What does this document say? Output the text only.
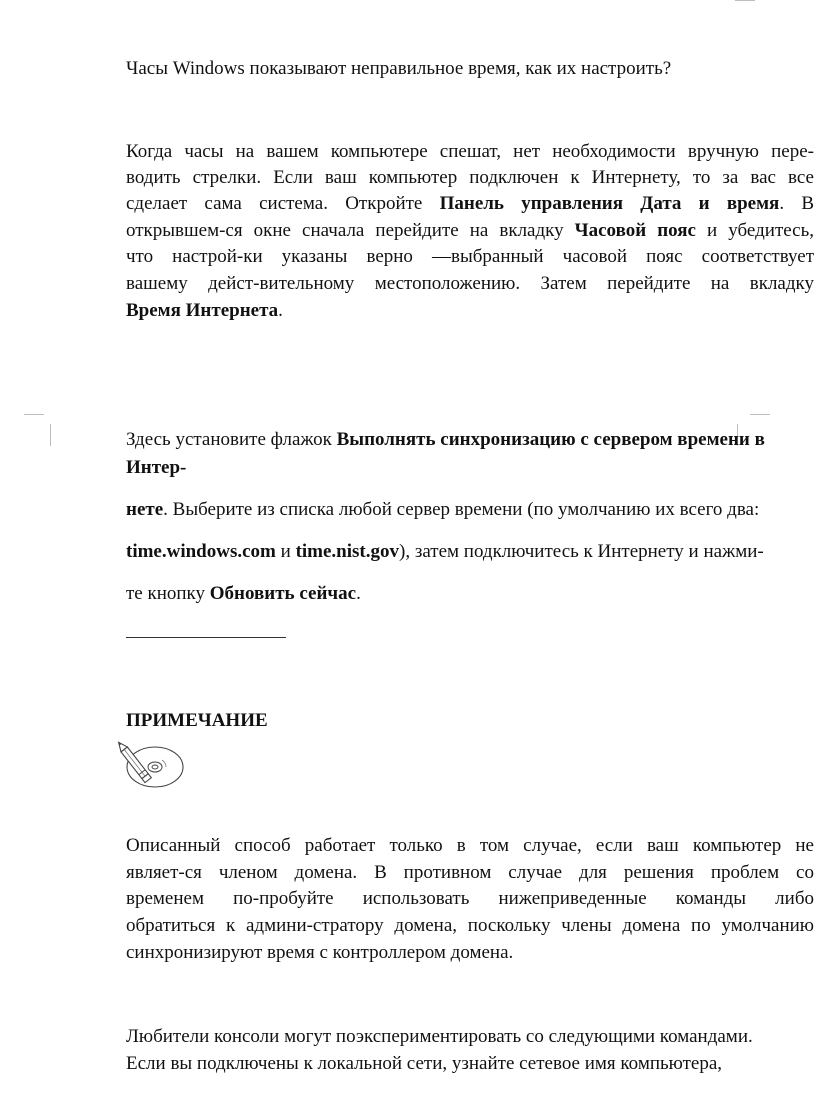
Часы Windows показывают неправильное время, как их настроить?
Когда часы на вашем компьютере спешат, нет необходимости вручную пере-
водить стрелки. Если ваш компьютер подключен к Интернету, то за вас все
сделает сама система. Откройте Панель управления Дата и время. В
открывшем-ся окне сначала перейдите на вкладку Часовой пояс и убедитесь,
что настрой-ки указаны верно —выбранный часовой пояс соответствует
вашему дейст-вительному местоположению. Затем перейдите на вкладку
Время Интернета.
Здесь установите флажок Выполнять синхронизацию с сервером времени в
Интер-
нете. Выберите из списка любой сервер времени (по умолчанию их всего два:
time.windows.com и time.nist.gov), затем подключитесь к Интернету и нажми-
те кнопку Обновить сейчас.
ПРИМЕЧАНИЕ
Описанный способ работает только в том случае, если ваш компьютер не
являет-ся членом домена. В противном случае для решения проблем со
временем по-пробуйте использовать нижеприведенные команды либо
обратиться к админи-стратору домена, поскольку члены домена по умолчанию
синхронизируют время с контроллером домена.
Любители консоли могут поэкспериментировать со следующими командами.
Если вы подключены к локальной сети, узнайте сетевое имя компьютера,
